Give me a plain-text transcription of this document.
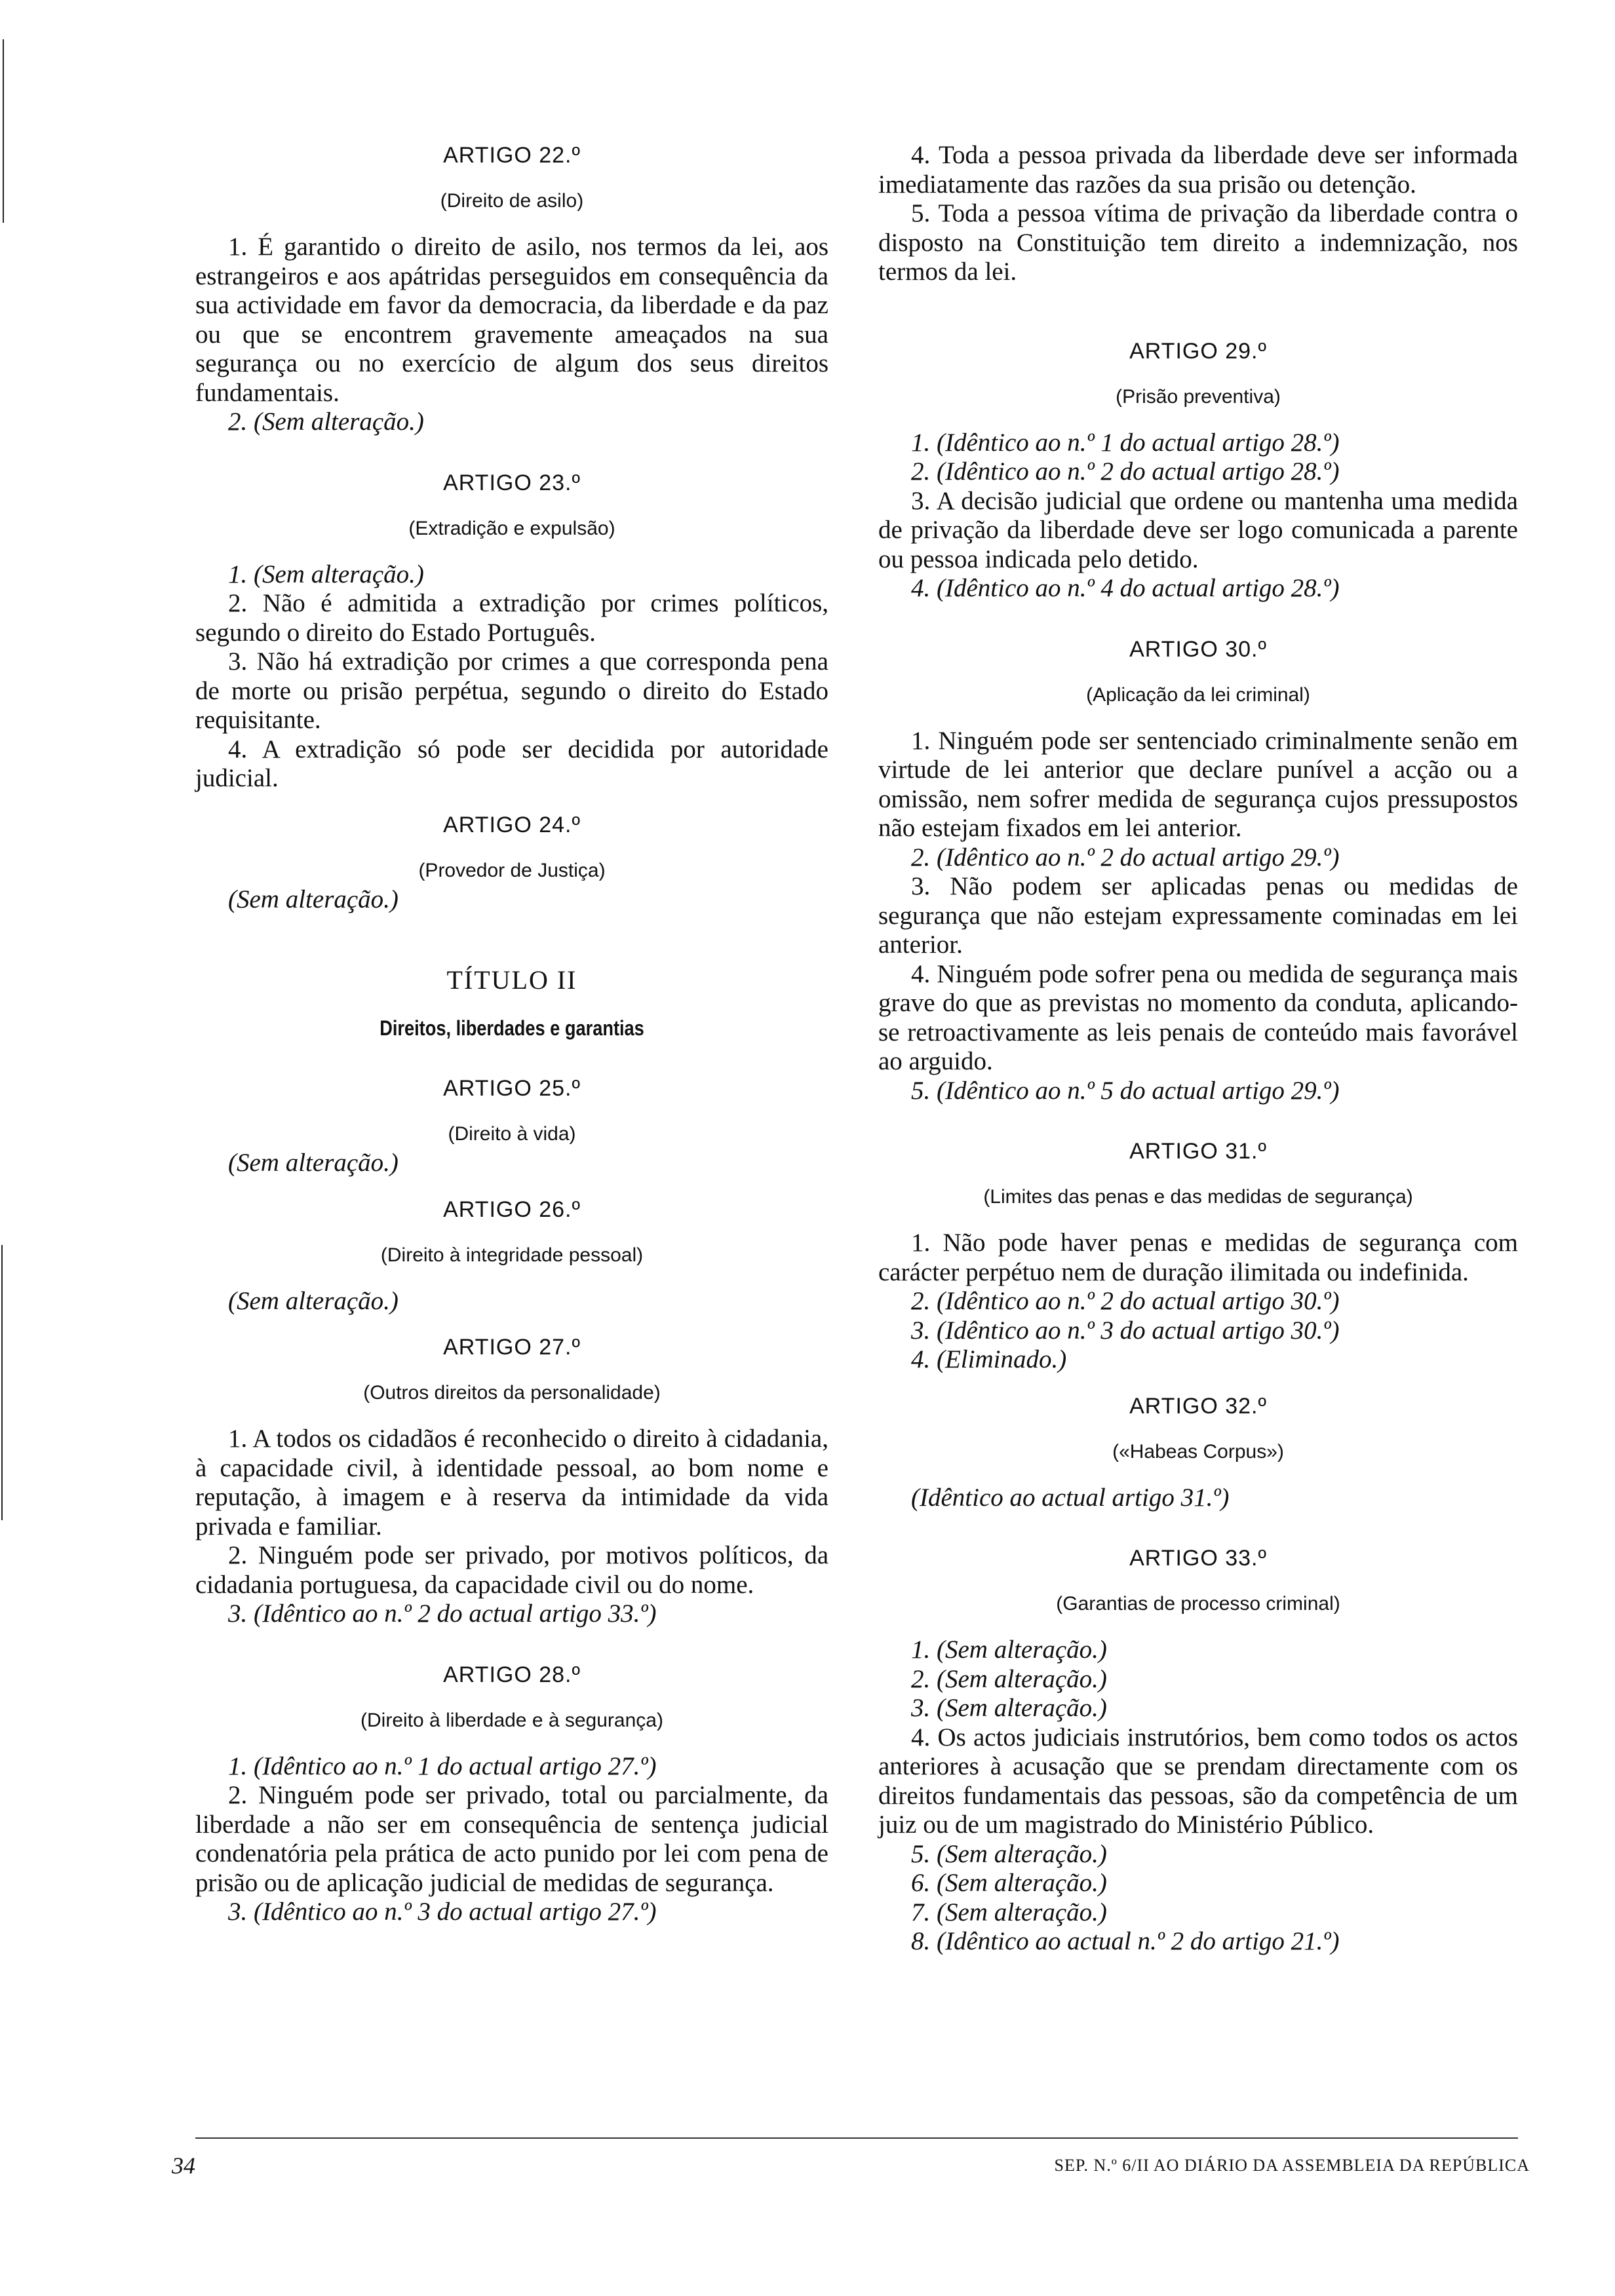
ARTIGO 22.º

(Direito de asilo)

1. É garantido o direito de asilo, nos termos da lei, aos estrangeiros e aos apátridas perseguidos em consequência da sua actividade em favor da democracia, da liberdade e da paz ou que se encontrem gravemente ameaçados na sua segurança ou no exercício de algum dos seus direitos fundamentais.

2. (Sem alteração.)

ARTIGO 23.º

(Extradição e expulsão)

1. (Sem alteração.)

2. Não é admitida a extradição por crimes políticos, segundo o direito do Estado Português.

3. Não há extradição por crimes a que corresponda pena de morte ou prisão perpétua, segundo o direito do Estado requisitante.

4. A extradição só pode ser decidida por autoridade judicial.

ARTIGO 24.º

(Provedor de Justiça)

(Sem alteração.)

TÍTULO II

Direitos, liberdades e garantias

ARTIGO 25.º

(Direito à vida)

(Sem alteração.)

ARTIGO 26.º

(Direito à integridade pessoal)

(Sem alteração.)

ARTIGO 27.º

(Outros direitos da personalidade)

1. A todos os cidadãos é reconhecido o direito à cidadania, à capacidade civil, à identidade pessoal, ao bom nome e reputação, à imagem e à reserva da intimidade da vida privada e familiar.

2. Ninguém pode ser privado, por motivos políticos, da cidadania portuguesa, da capacidade civil ou do nome.

3. (Idêntico ao n.º 2 do actual artigo 33.º)

ARTIGO 28.º

(Direito à liberdade e à segurança)

1. (Idêntico ao n.º 1 do actual artigo 27.º)

2. Ninguém pode ser privado, total ou parcialmente, da liberdade a não ser em consequência de sentença judicial condenatória pela prática de acto punido por lei com pena de prisão ou de aplicação judicial de medidas de segurança.

3. (Idêntico ao n.º 3 do actual artigo 27.º)

4. Toda a pessoa privada da liberdade deve ser informada imediatamente das razões da sua prisão ou detenção.

5. Toda a pessoa vítima de privação da liberdade contra o disposto na Constituição tem direito a indemnização, nos termos da lei.

ARTIGO 29.º

(Prisão preventiva)

1. (Idêntico ao n.º 1 do actual artigo 28.º)

2. (Idêntico ao n.º 2 do actual artigo 28.º)

3. A decisão judicial que ordene ou mantenha uma medida de privação da liberdade deve ser logo comunicada a parente ou pessoa indicada pelo detido.

4. (Idêntico ao n.º 4 do actual artigo 28.º)

ARTIGO 30.º

(Aplicação da lei criminal)

1. Ninguém pode ser sentenciado criminalmente senão em virtude de lei anterior que declare punível a acção ou a omissão, nem sofrer medida de segurança cujos pressupostos não estejam fixados em lei anterior.

2. (Idêntico ao n.º 2 do actual artigo 29.º)

3. Não podem ser aplicadas penas ou medidas de segurança que não estejam expressamente cominadas em lei anterior.

4. Ninguém pode sofrer pena ou medida de segurança mais grave do que as previstas no momento da conduta, aplicando-se retroactivamente as leis penais de conteúdo mais favorável ao arguido.

5. (Idêntico ao n.º 5 do actual artigo 29.º)

ARTIGO 31.º

(Limites das penas e das medidas de segurança)

1. Não pode haver penas e medidas de segurança com carácter perpétuo nem de duração ilimitada ou indefinida.

2. (Idêntico ao n.º 2 do actual artigo 30.º)

3. (Idêntico ao n.º 3 do actual artigo 30.º)

4. (Eliminado.)

ARTIGO 32.º

(«Habeas Corpus»)

(Idêntico ao actual artigo 31.º)

ARTIGO 33.º

(Garantias de processo criminal)

1. (Sem alteração.)

2. (Sem alteração.)

3. (Sem alteração.)

4. Os actos judiciais instrutórios, bem como todos os actos anteriores à acusação que se prendam directamente com os direitos fundamentais das pessoas, são da competência de um juiz ou de um magistrado do Ministério Público.

5. (Sem alteração.)

6. (Sem alteração.)

7. (Sem alteração.)

8. (Idêntico ao actual n.º 2 do artigo 21.º)

34	SEP. N.º 6/II AO DIÁRIO DA ASSEMBLEIA DA REPÚBLICA
